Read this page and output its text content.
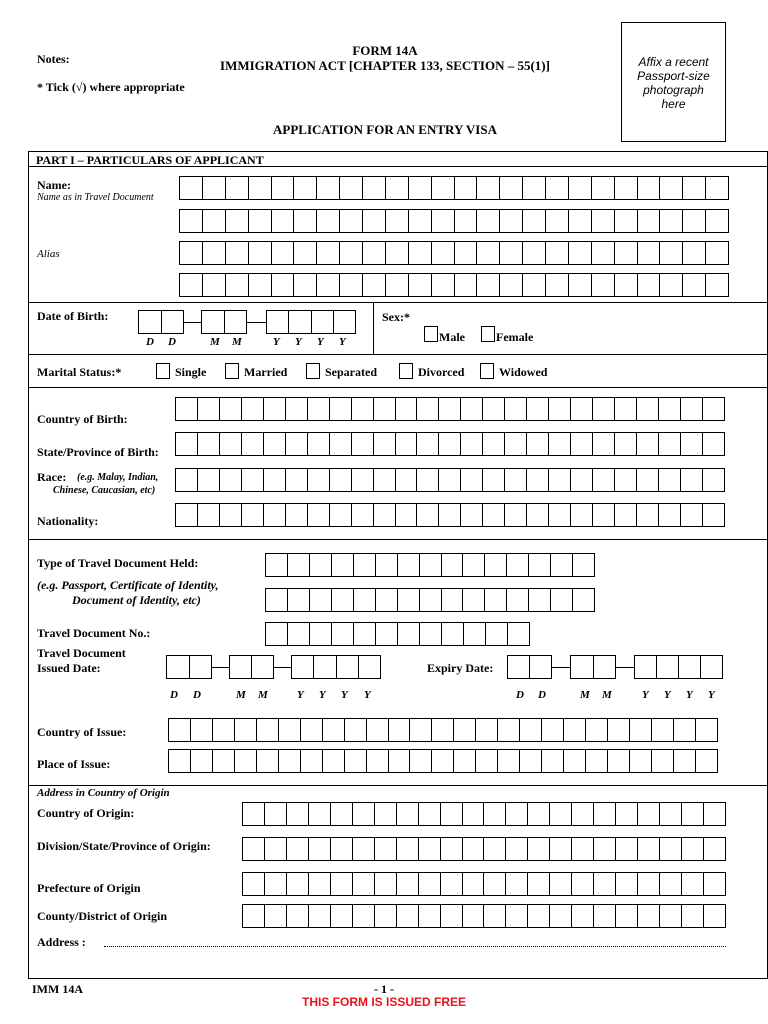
Notes:
* Tick (√) where appropriate
FORM 14A
IMMIGRATION ACT [CHAPTER 133, SECTION – 55(1)]
APPLICATION FOR AN ENTRY VISA
Affix a recent
Passport-size
photograph
here
PART I – PARTICULARS OF APPLICANT
Name:
Name as in Travel Document
Alias
Date of Birth:
D D	M M	Y Y Y Y
Sex:*
Male	Female
Marital Status:*	Single	Married	Separated	Divorced	Widowed
Country of Birth:
State/Province of Birth:
Race: (e.g. Malay, Indian,
Chinese, Caucasian, etc)
Nationality:
Type of Travel Document Held:
(e.g. Passport, Certificate of Identity,
Document of Identity, etc)
Travel Document No.:
Travel Document
Issued Date:
D D	M M	Y Y Y Y
Expiry Date:
D D	M M	Y Y Y Y
Country of Issue:
Place of Issue:
Address in Country of Origin
Country of Origin:
Division/State/Province of Origin:
Prefecture of Origin
County/District of Origin
Address :
IMM 14A	- 1 -
THIS FORM IS ISSUED FREE
